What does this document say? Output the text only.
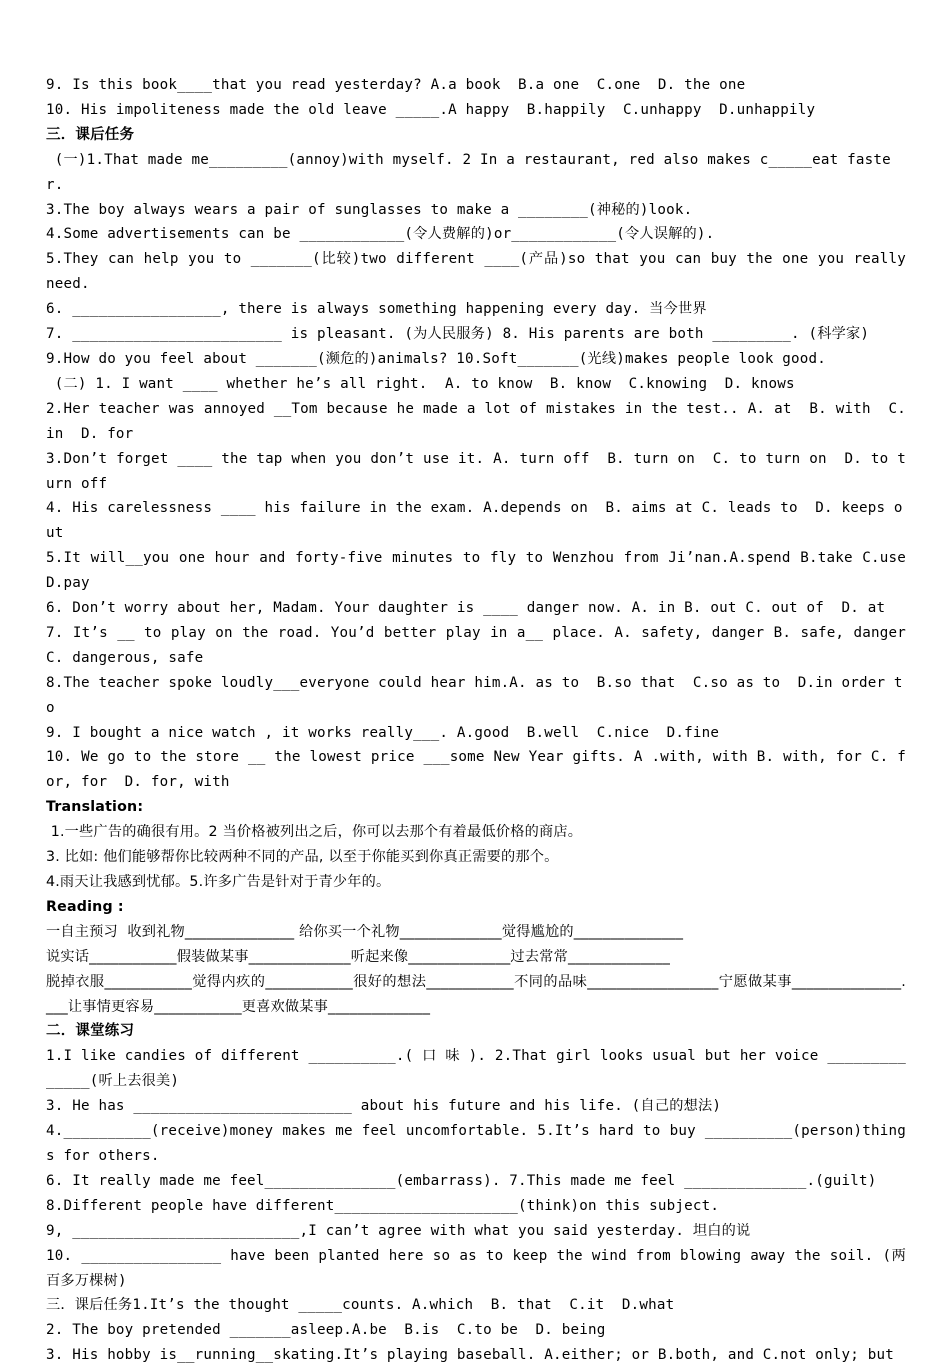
9. Is this book____that you read yesterday? A.a book  B.a one  C.one  D. the one
10. His impoliteness made the old leave _____.A happy  B.happily  C.unhappy  D.unhappily
三．课后任务
(一)1.That made me_________(annoy)with myself. 2 In a restaurant, red also makes c_____eat faster.
3.The boy always wears a pair of sunglasses to make a ________(神秘的)look.
4.Some advertisements can be ____________(令人费解的)or____________(令人误解的).
5.They can help you to _______(比较)two different ____(产品)so that you can buy the one you really need.
6. _________________, there is always something happening every day. 当今世界
7. ________________________ is pleasant. (为人民服务) 8. His parents are both _________. (科学家)
9.How do you feel about _______(濒危的)animals? 10.Soft_______(光线)makes people look good.
(二) 1. I want ____ whether he’s all right.  A. to know  B. know  C.knowing  D. knows
2.Her teacher was annoyed __Tom because he made a lot of mistakes in the test.. A. at  B. with  C. in  D. for
3.Don’t forget ____ the tap when you don’t use it. A. turn off  B. turn on  C. to turn on  D. to turn off
4. His carelessness ____ his failure in the exam. A.depends on  B. aims at C. leads to  D. keeps out
5.It will__you one hour and forty-five minutes to fly to Wenzhou from Ji’nan.A.spend B.take C.use D.pay
6. Don’t worry about her, Madam. Your daughter is ____ danger now. A. in B. out C. out of  D. at
7. It’s __ to play on the road. You’d better play in a__ place. A. safety, danger B. safe, danger C. dangerous, safe
8.The teacher spoke loudly___everyone could hear him.A. as to  B.so that  C.so as to  D.in order to
9. I bought a nice watch , it works really___. A.good  B.well  C.nice  D.fine
10. We go to the store __ the lowest price ___some New Year gifts. A .with, with B. with, for C. for, for  D. for, with
Translation:
1.一些广告的确很有用。2 当价格被列出之后，你可以去那个有着最低价格的商店。
3. 比如: 他们能够帮你比较两种不同的产品, 以至于你能买到你真正需要的那个。
4.雨天让我感到忧郁。5.许多广告是针对于青少年的。
Reading :
一自主预习  收到礼物_______________ 给你买一个礼物______________觉得尴尬的_______________
说实话____________假装做某事______________听起来像______________过去常常______________
脱掉衣服____________觉得内疚的____________很好的想法____________不同的品味__________________宁愿做某事_______________.___让事情更容易____________更喜欢做某事______________
二．课堂练习
1.I like candies of different __________.( 口 味 ). 2.That girl looks usual but her voice ______________(听上去很美)
3. He has _________________________ about his future and his life. (自己的想法)
4.__________(receive)money makes me feel uncomfortable. 5.It’s hard to buy __________(person)things for others.
6. It really made me feel_______________(embarrass). 7.This made me feel ______________.(guilt)
8.Different people have different_____________________(think)on this subject.
9, __________________________,I can’t agree with what you said yesterday. 坦白的说
10. ________________ have been planted here so as to keep the wind from blowing away the soil. (两百多万棵树)
三．课后任务1.It’s the thought _____counts. A.which  B. that  C.it  D.what
2. The boy pretended _______asleep.A.be  B.is  C.to be  D. being
3. His hobby is__running__skating.It’s playing baseball. A.either; or B.both, and C.not only; but
